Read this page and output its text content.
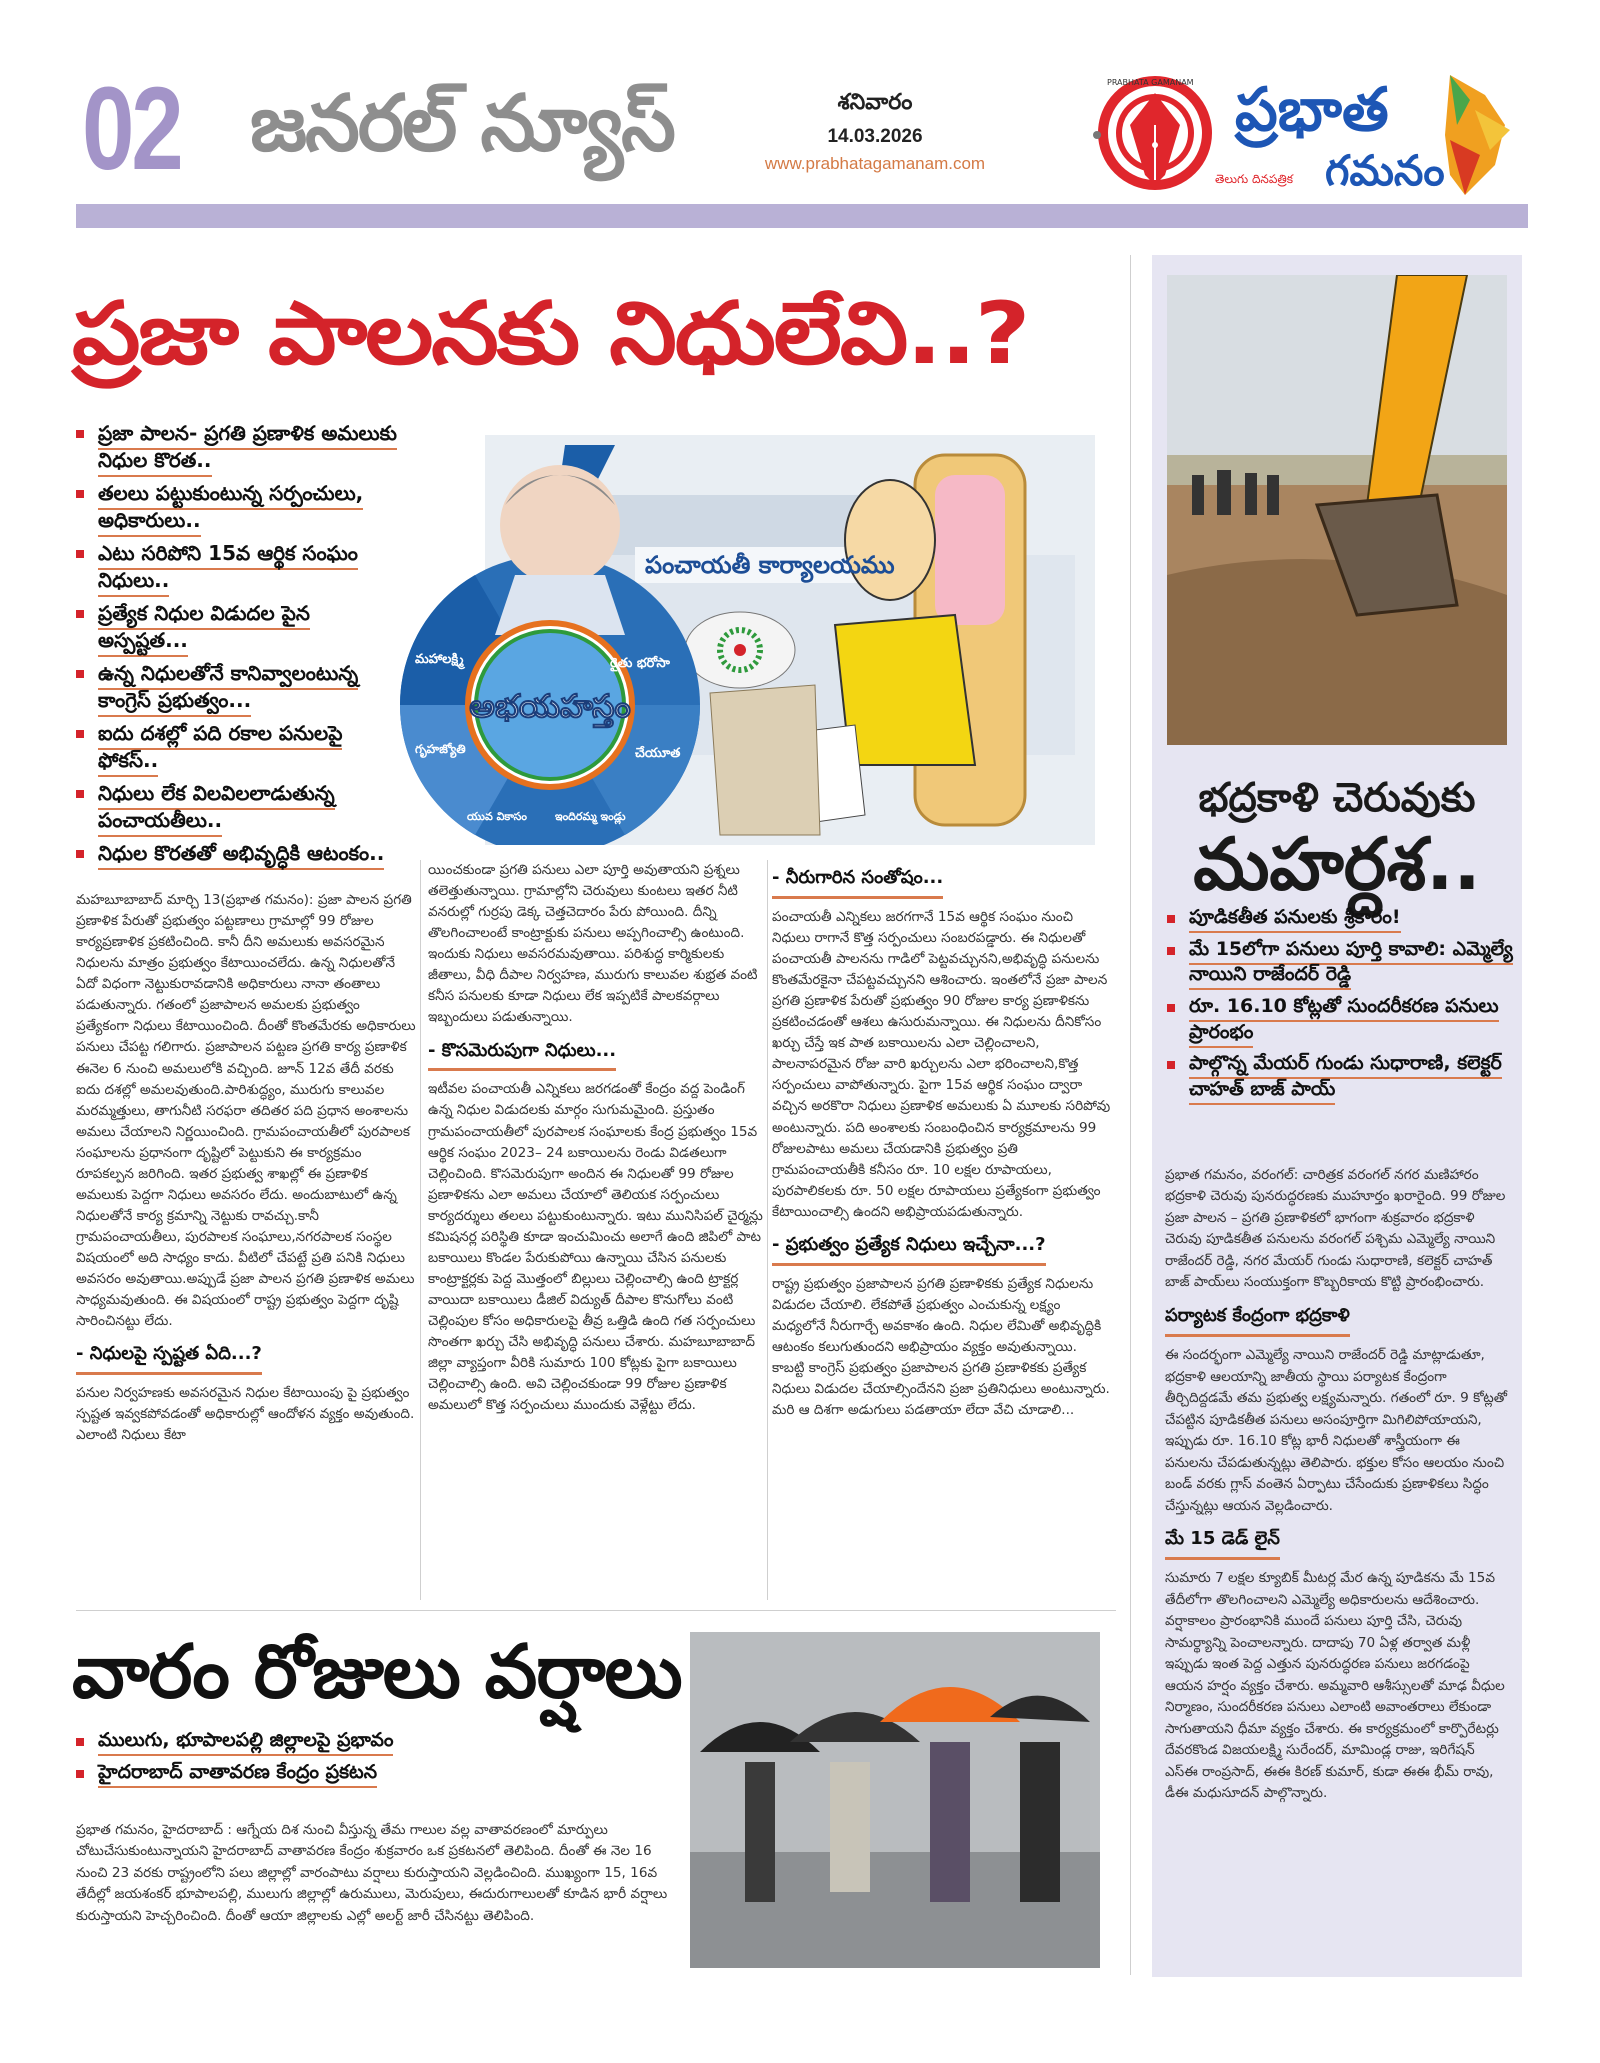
02 జనరల్ న్యూస్	శనివారం
14.03.2026
www.prabhatagamanam.com
ప్రభాత
గమనం
తెలుగు దినపత్రిక
PRABHATA GAMANAM
ప్రజా పాలనకు నిధులేవి..?
ప్రజా పాలన- ప్రగతి ప్రణాళిక అమలుకు నిధుల కొరత..
తలలు పట్టుకుంటున్న సర్పంచులు, అధికారులు..
ఎటు సరిపోని 15వ ఆర్థిక సంఘం నిధులు..
ప్రత్యేక నిధుల విడుదల పైన అస్పష్టత...
ఉన్న నిధులతోనే కానివ్వాలంటున్న కాంగ్రెస్ ప్రభుత్వం...
ఐదు దశల్లో పది రకాల పనులపై ఫోకస్..
నిధులు లేక విలవిలలాడుతున్న పంచాయతీలు..
నిధుల కొరతతో అభివృద్ధికి ఆటంకం..
పంచాయతీ కార్యాలయము
అభయహస్తం
మహాలక్ష్మి	రైతు భరోసా
చేయూత
ఇందిరమ్మ ఇండ్లు
యువ వికాసం
గృహజ్యోతి

మహబూబాబాద్ మార్చి 13(ప్రభాత గమనం): ప్రజా పాలన ప్రగతి ప్రణాళిక పేరుతో ప్రభుత్వం పట్టణాలు గ్రామాల్లో 99 రోజుల కార్యప్రణాళిక ప్రకటించింది. కానీ దీని అమలుకు అవసరమైన నిధులను మాత్రం ప్రభుత్వం కేటాయించలేదు. ఉన్న నిధులతోనే ఏదో విధంగా నెట్టుకురావడానికి అధికారులు నానా తంతాలు పడుతున్నారు. గతంలో ప్రజాపాలన అమలకు ప్రభుత్వం ప్రత్యేకంగా నిధులు కేటాయించింది. దీంతో కొంతమేరకు అధికారులు పనులు చేపట్ట గలిగారు. ప్రజాపాలన పట్టణ ప్రగతి కార్య ప్రణాళిక ఈనెల 6 నుంచి అమలులోకి వచ్చింది. జూన్ 12వ తేదీ వరకు ఐదు దశల్లో అమలవుతుంది.పారిశుద్ధ్యం, మురుగు కాలువల మరమ్మత్తులు, తాగునీటి సరఫరా తదితర పది ప్రధాన అంశాలను అమలు చేయాలని నిర్ణయించింది. గ్రామపంచాయతీలో పురపాలక సంఘాలను ప్రధానంగా దృష్టిలో పెట్టుకుని ఈ కార్యక్రమం రూపకల్పన జరిగింది. ఇతర ప్రభుత్వ శాఖల్లో ఈ ప్రణాళిక అమలుకు పెద్దగా నిధులు అవసరం లేదు. అందుబాటులో ఉన్న నిధులతోనే కార్య క్రమాన్ని నెట్టుకు రావచ్చు.కానీ గ్రామపంచాయతీలు, పురపాలక సంఘాలు,నగరపాలక సంస్థల విషయంలో అది సాధ్యం కాదు. వీటిలో చేపట్టే ప్రతి పనికి నిధులు అవసరం అవుతాయి.అప్పుడే ప్రజా పాలన ప్రగతి ప్రణాళిక అమలు సాధ్యమవుతుంది. ఈ విషయంలో రాష్ట్ర ప్రభుత్వం పెద్దగా దృష్టి సారించినట్టు లేదు.

- నిధులపై స్పష్టత ఏది...?

పనుల నిర్వహణకు అవసరమైన నిధుల కేటాయింపు పై ప్రభుత్వం స్పష్టత ఇవ్వకపోవడంతో అధికారుల్లో ఆందోళన వ్యక్తం అవుతుంది. ఎలాంటి నిధులు కేటా

యించకుండా ప్రగతి పనులు ఎలా పూర్తి అవుతాయని ప్రశ్నలు తలెత్తుతున్నాయి. గ్రామాల్లోని చెరువులు కుంటలు ఇతర నీటి వనరుల్లో గుర్రపు డెక్క చెత్తచెదారం పేరు పోయింది. దీన్ని తొలగించాలంటే కాంట్రాక్టుకు పనులు అప్పగించాల్సి ఉంటుంది. ఇందుకు నిధులు అవసరమవుతాయి. పరిశుద్ధ కార్మికులకు జీతాలు, వీధి దీపాల నిర్వహణ, మురుగు కాలువల శుభ్రత వంటి కనీస పనులకు కూడా నిధులు లేక ఇప్పటికే పాలకవర్గాలు ఇబ్బందులు పడుతున్నాయి.

- కొసమెరుపుగా నిధులు...

ఇటీవల పంచాయతీ ఎన్నికలు జరగడంతో కేంద్రం వద్ద పెండింగ్ ఉన్న నిధుల విడుదలకు మార్గం సుగుమమైంది. ప్రస్తుతం గ్రామపంచాయతీలో పురపాలక సంఘాలకు కేంద్ర ప్రభుత్వం 15వ ఆర్థిక సంఘం 2023– 24 బకాయిలను రెండు విడతలుగా చెల్లించింది. కొసమెరుపుగా అందిన ఈ నిధులతో 99 రోజుల ప్రణాళికను ఎలా అమలు చేయాలో తెలియక సర్పంచులు కార్యదర్శులు తలలు పట్టుకుంటున్నారు. ఇటు మునిసిపల్ చైర్మన్లు కమిషనర్ల పరిస్థితి కూడా ఇంచుమించు అలాగే ఉంది జిపిలో పాట బకాయిలు కొండల పేరుకుపోయి ఉన్నాయి చేసిన పనులకు కాంట్రాక్టర్లకు పెద్ద మొత్తంలో బిల్లులు చెల్లించాల్సి ఉంది ట్రాక్టర్ల వాయిదా బకాయిలు డీజిల్ విద్యుత్ దీపాల కొనుగోలు వంటి చెల్లింపుల కోసం అధికారులపై తీవ్ర ఒత్తిడి ఉంది గత సర్పంచులు సొంతగా ఖర్చు చేసి అభివృద్ధి పనులు చేశారు. మహబూబాబాద్ జిల్లా వ్యాప్తంగా వీరికి సుమారు 100 కోట్లకు పైగా బకాయిలు చెల్లించాల్సి ఉంది. అవి చెల్లించకుండా 99 రోజుల ప్రణాళిక అమలులో కొత్త సర్పంచులు ముందుకు వెళ్లేట్టు లేదు.

- నీరుగారిన సంతోషం...

పంచాయతీ ఎన్నికలు జరగగానే 15వ ఆర్థిక సంఘం నుంచి నిధులు రాగానే కొత్త సర్పంచులు సంబరపడ్డారు. ఈ నిధులతో పంచాయతీ పాలనను గాడిలో పెట్టవచ్చునని,అభివృద్ధి పనులను కొంతమేరకైనా చేపట్టవచ్చునని ఆశించారు. ఇంతలోనే ప్రజా పాలన ప్రగతి ప్రణాళిక పేరుతో ప్రభుత్వం 90 రోజుల కార్య ప్రణాళికను ప్రకటించడంతో ఆశలు ఉసురుమన్నాయి. ఈ నిధులను దీనికోసం ఖర్చు చేస్తే ఇక పాత బకాయిలను ఎలా చెల్లించాలని, పాలనాపరమైన రోజు వారి ఖర్చులను ఎలా భరించాలని,కొత్త సర్పంచులు వాపోతున్నారు. పైగా 15వ ఆర్థిక సంఘం ద్వారా వచ్చిన అరకొరా నిధులు ప్రణాళిక అమలుకు ఏ మూలకు సరిపోవు అంటున్నారు. పది అంశాలకు సంబంధించిన కార్యక్రమాలను 99 రోజులపాటు అమలు చేయడానికి ప్రభుత్వం ప్రతి గ్రామపంచాయతీకి కనీసం రూ. 10 లక్షల రూపాయలు, పురపాలికలకు రూ. 50 లక్షల రూపాయలు ప్రత్యేకంగా ప్రభుత్వం కేటాయించాల్సి ఉందని అభిప్రాయపడుతున్నారు.

- ప్రభుత్వం ప్రత్యేక నిధులు ఇచ్చేనా...?

రాష్ట్ర ప్రభుత్వం ప్రజాపాలన ప్రగతి ప్రణాళికకు ప్రత్యేక నిధులను విడుదల చేయాలి. లేకపోతే ప్రభుత్వం ఎంచుకున్న లక్ష్యం మధ్యలోనే నీరుగార్చే అవకాశం ఉంది. నిధుల లేమితో అభివృద్ధికి ఆటంకం కలుగుతుందని అభిప్రాయం వ్యక్తం అవుతున్నాయి. కాబట్టి కాంగ్రెస్ ప్రభుత్వం ప్రజాపాలన ప్రగతి ప్రణాళికకు ప్రత్యేక నిధులు విడుదల చేయాల్సిందేనని ప్రజా ప్రతినిధులు అంటున్నారు. మరి ఆ దిశగా అడుగులు పడతాయా లేదా వేచి చూడాలి...

భద్రకాళి చెరువుకు
మహర్దశ..
పూడికతీత పనులకు శ్రీకారం!
మే 15లోగా పనులు పూర్తి కావాలి: ఎమ్మెల్యే నాయిని రాజేందర్ రెడ్డి
రూ. 16.10 కోట్లతో సుందరీకరణ పనులు ప్రారంభం
పాల్గొన్న మేయర్ గుండు సుధారాణి, కలెక్టర్ చాహత్ బాజ్ పాయ్

ప్రభాత గమనం, వరంగల్: చారిత్రక వరంగల్ నగర మణిహారం భద్రకాళి చెరువు పునరుద్ధరణకు ముహూర్తం ఖరారైంది. 99 రోజుల ప్రజా పాలన – ప్రగతి ప్రణాళికలో భాగంగా శుక్రవారం భద్రకాళి చెరువు పూడికతీత పనులను వరంగల్ పశ్చిమ ఎమ్మెల్యే నాయిని రాజేందర్ రెడ్డి, నగర మేయర్ గుండు సుధారాణి, కలెక్టర్ చాహత్ బాజ్ పాయ్‌లు సంయుక్తంగా కొబ్బరికాయ కొట్టి ప్రారంభించారు.

పర్యాటక కేంద్రంగా భద్రకాళి

ఈ సందర్భంగా ఎమ్మెల్యే నాయిని రాజేందర్ రెడ్డి మాట్లాడుతూ, భద్రకాళి ఆలయాన్ని జాతీయ స్థాయి పర్యాటక కేంద్రంగా తీర్చిదిద్దడమే తమ ప్రభుత్వ లక్ష్యమన్నారు. గతంలో రూ. 9 కోట్లతో చేపట్టిన పూడికతీత పనులు అసంపూర్తిగా మిగిలిపోయాయని, ఇప్పుడు రూ. 16.10 కోట్ల భారీ నిధులతో శాస్త్రీయంగా ఈ పనులను చేపడుతున్నట్లు తెలిపారు. భక్తుల కోసం ఆలయం నుంచి బండ్ వరకు గ్లాస్ వంతెన ఏర్పాటు చేసేందుకు ప్రణాళికలు సిద్ధం చేస్తున్నట్లు ఆయన వెల్లడించారు.

మే 15 డెడ్ లైన్

సుమారు 7 లక్షల క్యూబిక్ మీటర్ల మేర ఉన్న పూడికను మే 15వ తేదీలోగా తొలగించాలని ఎమ్మెల్యే అధికారులను ఆదేశించారు. వర్షాకాలం ప్రారంభానికి ముందే పనులు పూర్తి చేసి, చెరువు సామర్థ్యాన్ని పెంచాలన్నారు. దాదాపు 70 ఏళ్ల తర్వాత మళ్లీ ఇప్పుడు ఇంత పెద్ద ఎత్తున పునరుద్ధరణ పనులు జరగడంపై ఆయన హర్షం వ్యక్తం చేశారు. అమ్మవారి ఆశీస్సులతో మాఢ వీధుల నిర్మాణం, సుందరీకరణ పనులు ఎలాంటి అవాంతరాలు లేకుండా సాగుతాయని ధీమా వ్యక్తం చేశారు. ఈ కార్యక్రమంలో కార్పొరేటర్లు దేవరకొండ విజయలక్ష్మి సురేందర్, మామిండ్ల రాజు, ఇరిగేషన్ ఎస్ఈ రాంప్రసాద్, ఈఈ కిరణ్ కుమార్, కుడా ఈఈ భీమ్ రావు, డీఈ మధుసూదన్ పాల్గొన్నారు.

వారం రోజులు వర్షాలు
ములుగు, భూపాలపల్లి జిల్లాలపై ప్రభావం
హైదరాబాద్ వాతావరణ కేంద్రం ప్రకటన

ప్రభాత గమనం, హైదరాబాద్ : ఆగ్నేయ దిశ నుంచి వీస్తున్న తేమ గాలుల వల్ల వాతావరణంలో మార్పులు చోటుచేసుకుంటున్నాయని హైదరాబాద్ వాతావరణ కేంద్రం శుక్రవారం ఒక ప్రకటనలో తెలిపింది. దీంతో ఈ నెల 16 నుంచి 23 వరకు రాష్ట్రంలోని పలు జిల్లాల్లో వారంపాటు వర్షాలు కురుస్తాయని వెల్లడించింది. ముఖ్యంగా 15, 16వ తేదీల్లో జయశంకర్ భూపాలపల్లి, ములుగు జిల్లాల్లో ఉరుములు, మెరుపులు, ఈదురుగాలులతో కూడిన భారీ వర్షాలు కురుస్తాయని హెచ్చరించింది. దీంతో ఆయా జిల్లాలకు ఎల్లో అలర్ట్ జారీ చేసినట్టు తెలిపింది.
